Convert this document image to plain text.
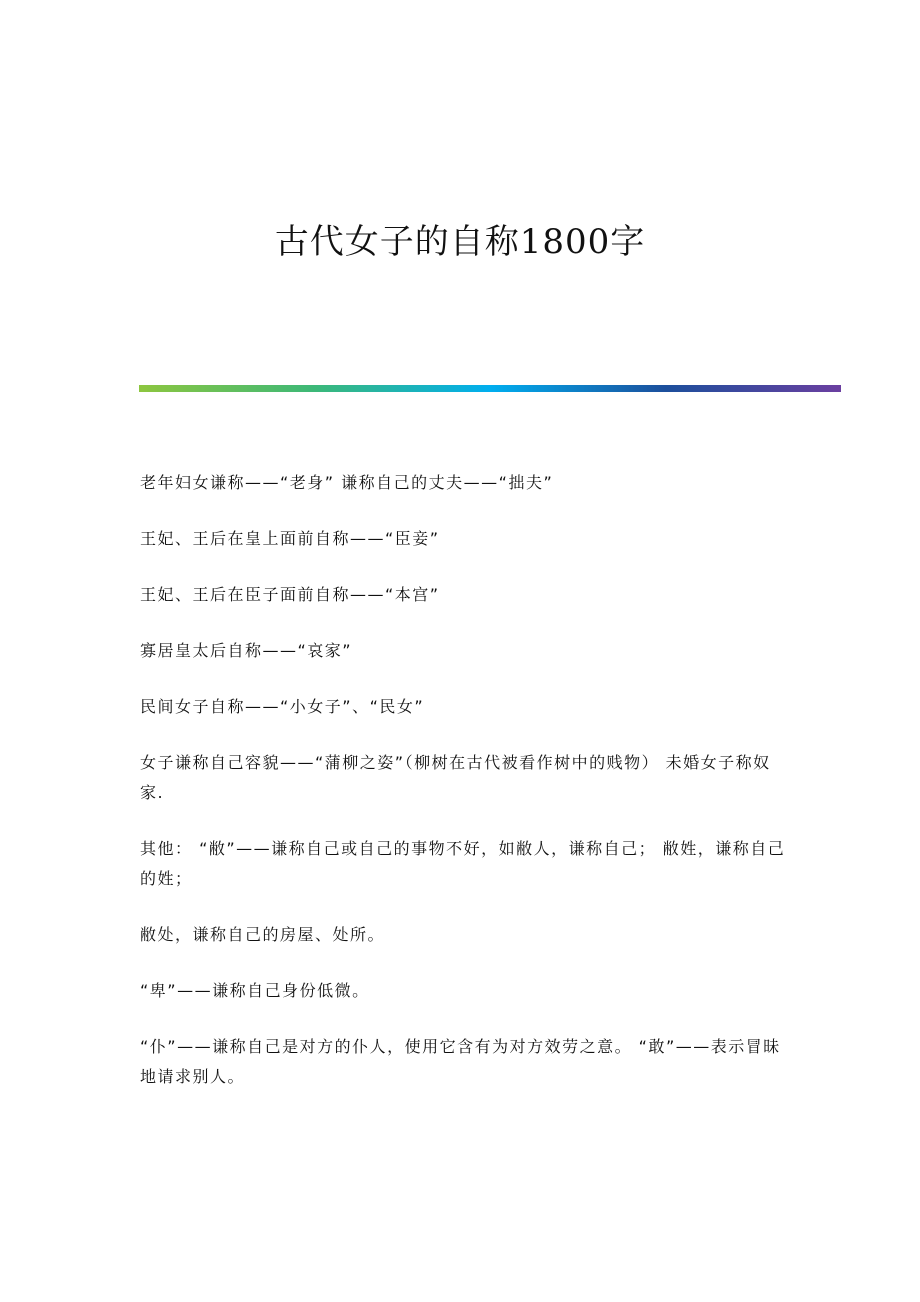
古代女子的自称1800字

老年妇女谦称——“老身” 谦称自己的丈夫——“拙夫”

王妃、王后在皇上面前自称——“臣妾”

王妃、王后在臣子面前自称——“本宫”

寡居皇太后自称——“哀家”

民间女子自称——“小女子”、“民女”

女子谦称自己容貌——“蒲柳之姿”（柳树在古代被看作树中的贱物） 未婚女子称奴家.

其他： “敝”——谦称自己或自己的事物不好，如敝人，谦称自己； 敝姓，谦称自己的姓；

敝处，谦称自己的房屋、处所。

“卑”——谦称自己身份低微。

“仆”——谦称自己是对方的仆人，使用它含有为对方效劳之意。 “敢”——表示冒昧地请求别人。
